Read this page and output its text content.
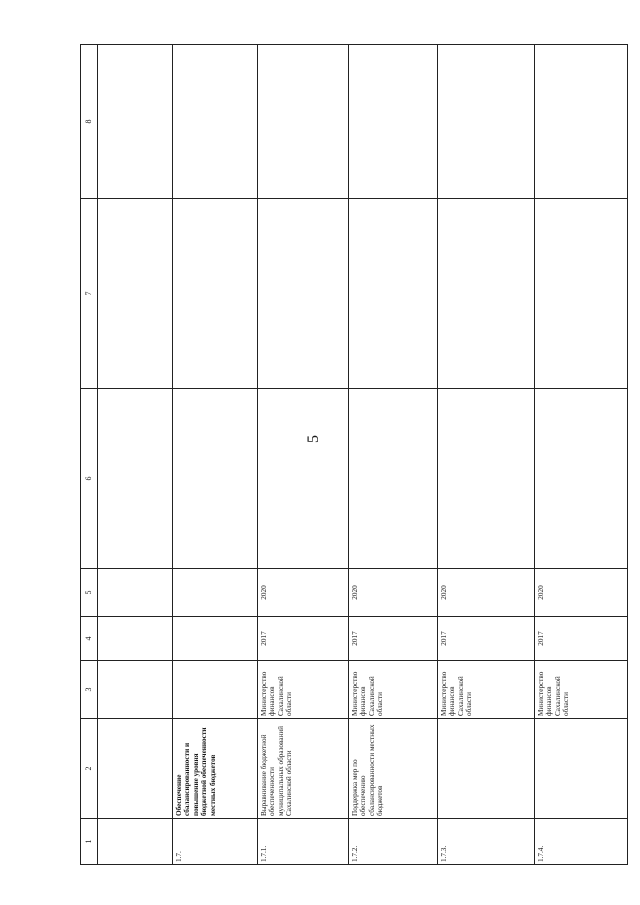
5
1	2	3	4	5	6	7	8

1.7.	Обеспечение сбалансированности и повышение уровня бюджетной обеспеченности местных бюджетов						
1.7.1.	Выравнивание бюджетной обеспеченности муниципальных образований Сахалинской области	Министерство финансов Сахалинской области	2017	2020			
1.7.2.	Поддержка мер по обеспечению сбалансированности местных бюджетов	Министерство финансов Сахалинской области	2017	2020			
1.7.3.		Министерство финансов Сахалинской области	2017	2020			
1.7.4.		Министерство финансов Сахалинской области	2017	2020			
